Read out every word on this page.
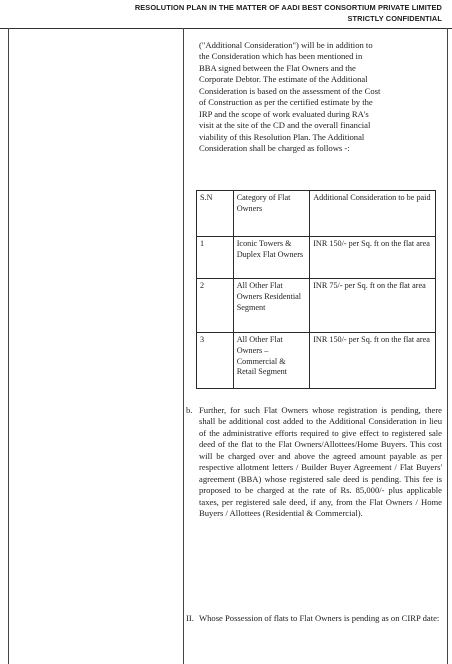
RESOLUTION PLAN IN THE MATTER OF AADI BEST CONSORTIUM PRIVATE LIMITED
STRICTLY CONFIDENTIAL
("Additional Consideration") will be in addition to
the Consideration which has been mentioned in
BBA signed between the Flat Owners and the
Corporate Debtor. The estimate of the Additional
Consideration is based on the assessment of the Cost
of Construction as per the certified estimate by the
IRP and the scope of work evaluated during RA's
visit at the site of the CD and the overall financial
viability of this Resolution Plan. The Additional
Consideration shall be charged as follows -:
S.N	Category of Flat Owners	Additional Consideration to be paid
1	Iconic Towers & Duplex Flat Owners	INR 150/- per Sq. ft on the flat area
2	All Other Flat Owners Residential Segment	INR 75/- per Sq. ft on the flat area
3	All Other Flat Owners – Commercial & Retail Segment	INR 150/- per Sq. ft on the flat area
b. Further, for such Flat Owners whose registration is pending, there shall be additional cost added to the Additional Consideration in lieu of the administrative efforts required to give effect to registered sale deed of the flat to the Flat Owners/Allottees/Home Buyers. This cost will be charged over and above the agreed amount payable as per respective allotment letters / Builder Buyer Agreement / Flat Buyers' agreement (BBA) whose registered sale deed is pending. This fee is proposed to be charged at the rate of Rs. 85,000/- plus applicable taxes, per registered sale deed, if any, from the Flat Owners / Home Buyers / Allottees (Residential & Commercial).
II. Whose Possession of flats to Flat Owners is pending as on CIRP date:
